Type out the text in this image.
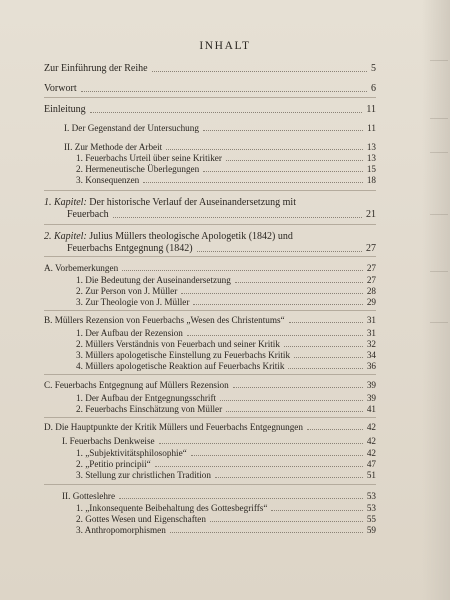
INHALT
Zur Einführung der Reihe	5
Vorwort	6
Einleitung	11
I. Der Gegenstand der Untersuchung	11
II. Zur Methode der Arbeit	13
1. Feuerbachs Urteil über seine Kritiker	13
2. Hermeneutische Überlegungen	15
3. Konsequenzen	18
1. Kapitel: Der historische Verlauf der Auseinandersetzung mit
Feuerbach	21
2. Kapitel: Julius Müllers theologische Apologetik (1842) und
Feuerbachs Entgegnung (1842)	27
A. Vorbemerkungen	27
1. Die Bedeutung der Auseinandersetzung	27
2. Zur Person von J. Müller	28
3. Zur Theologie von J. Müller	29
B. Müllers Rezension von Feuerbachs „Wesen des Christentums“	31
1. Der Aufbau der Rezension	31
2. Müllers Verständnis von Feuerbach und seiner Kritik	32
3. Müllers apologetische Einstellung zu Feuerbachs Kritik	34
4. Müllers apologetische Reaktion auf Feuerbachs Kritik	36
C. Feuerbachs Entgegnung auf Müllers Rezension	39
1. Der Aufbau der Entgegnungsschrift	39
2. Feuerbachs Einschätzung von Müller	41
D. Die Hauptpunkte der Kritik Müllers und Feuerbachs Entgegnungen	42
I. Feuerbachs Denkweise	42
1. „Subjektivitätsphilosophie“	42
2. „Petitio principii“	47
3. Stellung zur christlichen Tradition	51
II. Gotteslehre	53
1. „Inkonsequente Beibehaltung des Gottesbegriffs“	53
2. Gottes Wesen und Eigenschaften	55
3. Anthropomorphismen	59
